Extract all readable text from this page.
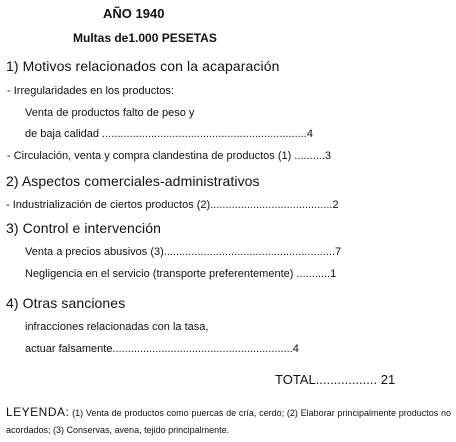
AÑO 1940
Multas de1.000 PESETAS
1) Motivos relacionados con la acaparación
- Irregularidades en los productos:
Venta de productos falto de peso y
de baja calidad ...................................................................4
- Circulación, venta y compra clandestina de productos (1) ..........3
2) Aspectos comerciales-administrativos
- Industrialización de ciertos productos (2)........................................2
3) Control e intervención
Venta a precios abusivos (3)........................................................7
Negligencia en el servicio (transporte preferentemente) ...........1
4) Otras sanciones
infracciones relacionadas con la tasa,
actuar falsamente...........................................................4
TOTAL................. 21
LEYENDA: (1) Venta de productos como puercas de cría, cerdo; (2) Elaborar principalmente productos no acordados; (3) Conservas, avena, tejido principalmente.
